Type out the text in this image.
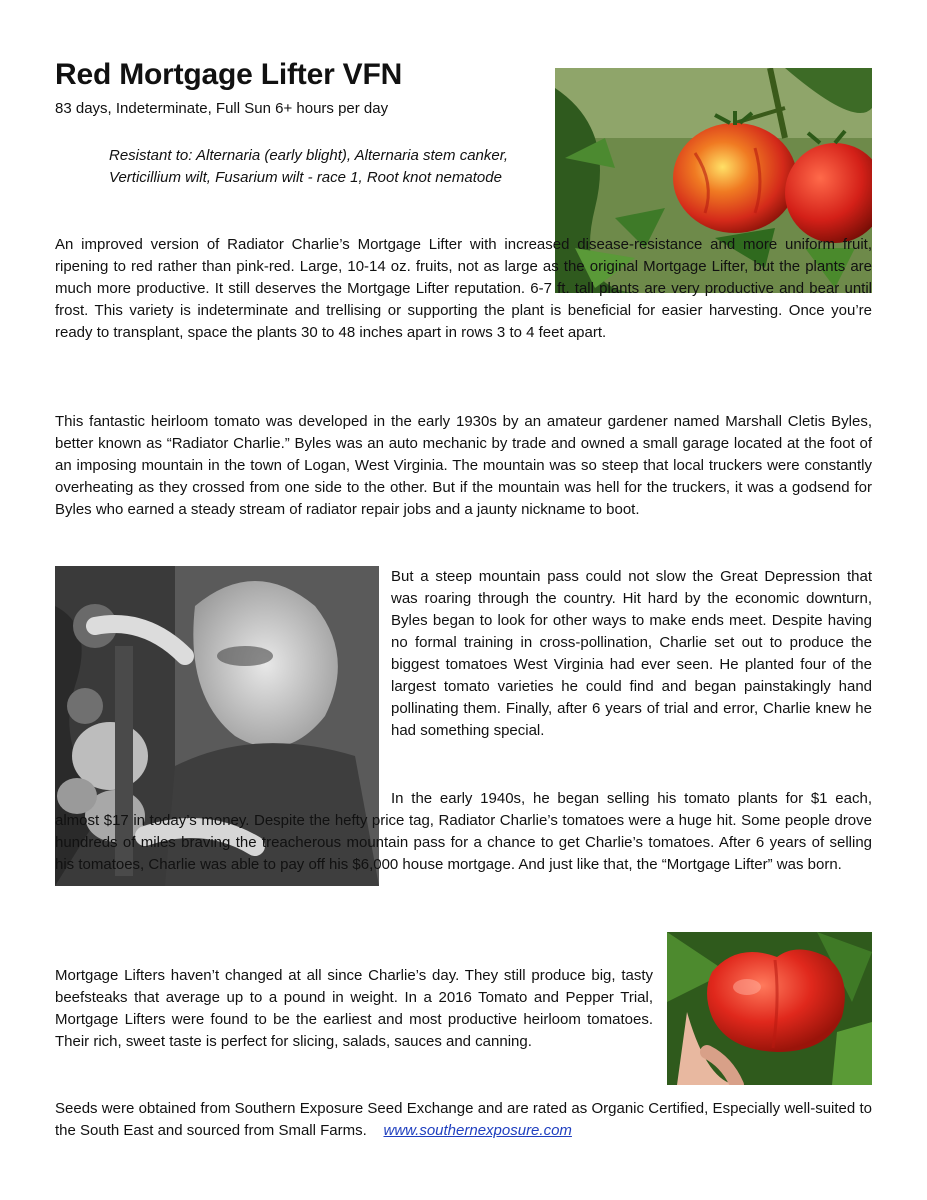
Red Mortgage Lifter VFN
83 days, Indeterminate, Full Sun 6+ hours per day
Resistant to: Alternaria (early blight), Alternaria stem canker, Verticillium wilt, Fusarium wilt - race 1, Root knot nematode

An improved version of Radiator Charlie’s Mortgage Lifter with increased disease-resistance and more uniform fruit, ripening to red rather than pink-red. Large, 10-14 oz. fruits, not as large as the original Mortgage Lifter, but the plants are much more productive. It still deserves the Mortgage Lifter reputation. 6-7 ft. tall plants are very productive and bear until frost. This variety is indeterminate and trellising or supporting the plant is beneficial for easier harvesting. Once you’re ready to transplant, space the plants 30 to 48 inches apart in rows 3 to 4 feet apart.

This fantastic heirloom tomato was developed in the early 1930s by an amateur gardener named Marshall Cletis Byles, better known as “Radiator Charlie.” Byles was an auto mechanic by trade and owned a small garage located at the foot of an imposing mountain in the town of Logan, West Virginia. The mountain was so steep that local truckers were constantly overheating as they crossed from one side to the other. But if the mountain was hell for the truckers, it was a godsend for Byles who earned a steady stream of radiator repair jobs and a jaunty nickname to boot.

But a steep mountain pass could not slow the Great Depression that was roaring through the country. Hit hard by the economic downturn, Byles began to look for other ways to make ends meet. Despite having no formal training in cross-pollination, Charlie set out to produce the biggest tomatoes West Virginia had ever seen. He planted four of the largest tomato varieties he could find and began painstakingly hand pollinating them. Finally, after 6 years of trial and error, Charlie knew he had something special.

In the early 1940s, he began selling his tomato plants for $1 each, almost $17 in today’s money. Despite the hefty price tag, Radiator Charlie’s tomatoes were a huge hit. Some people drove hundreds of miles braving the treacherous mountain pass for a chance to get Charlie’s tomatoes. After 6 years of selling his tomatoes, Charlie was able to pay off his $6,000 house mortgage. And just like that, the “Mortgage Lifter” was born.

Mortgage Lifters haven’t changed at all since Charlie’s day. They still produce big, tasty beefsteaks that average up to a pound in weight. In a 2016 Tomato and Pepper Trial, Mortgage Lifters were found to be the earliest and most productive heirloom tomatoes. Their rich, sweet taste is perfect for slicing, salads, sauces and canning.

Seeds were obtained from Southern Exposure Seed Exchange and are rated as Organic Certified, Especially well-suited to the South East and sourced from Small Farms. www.southernexposure.com
